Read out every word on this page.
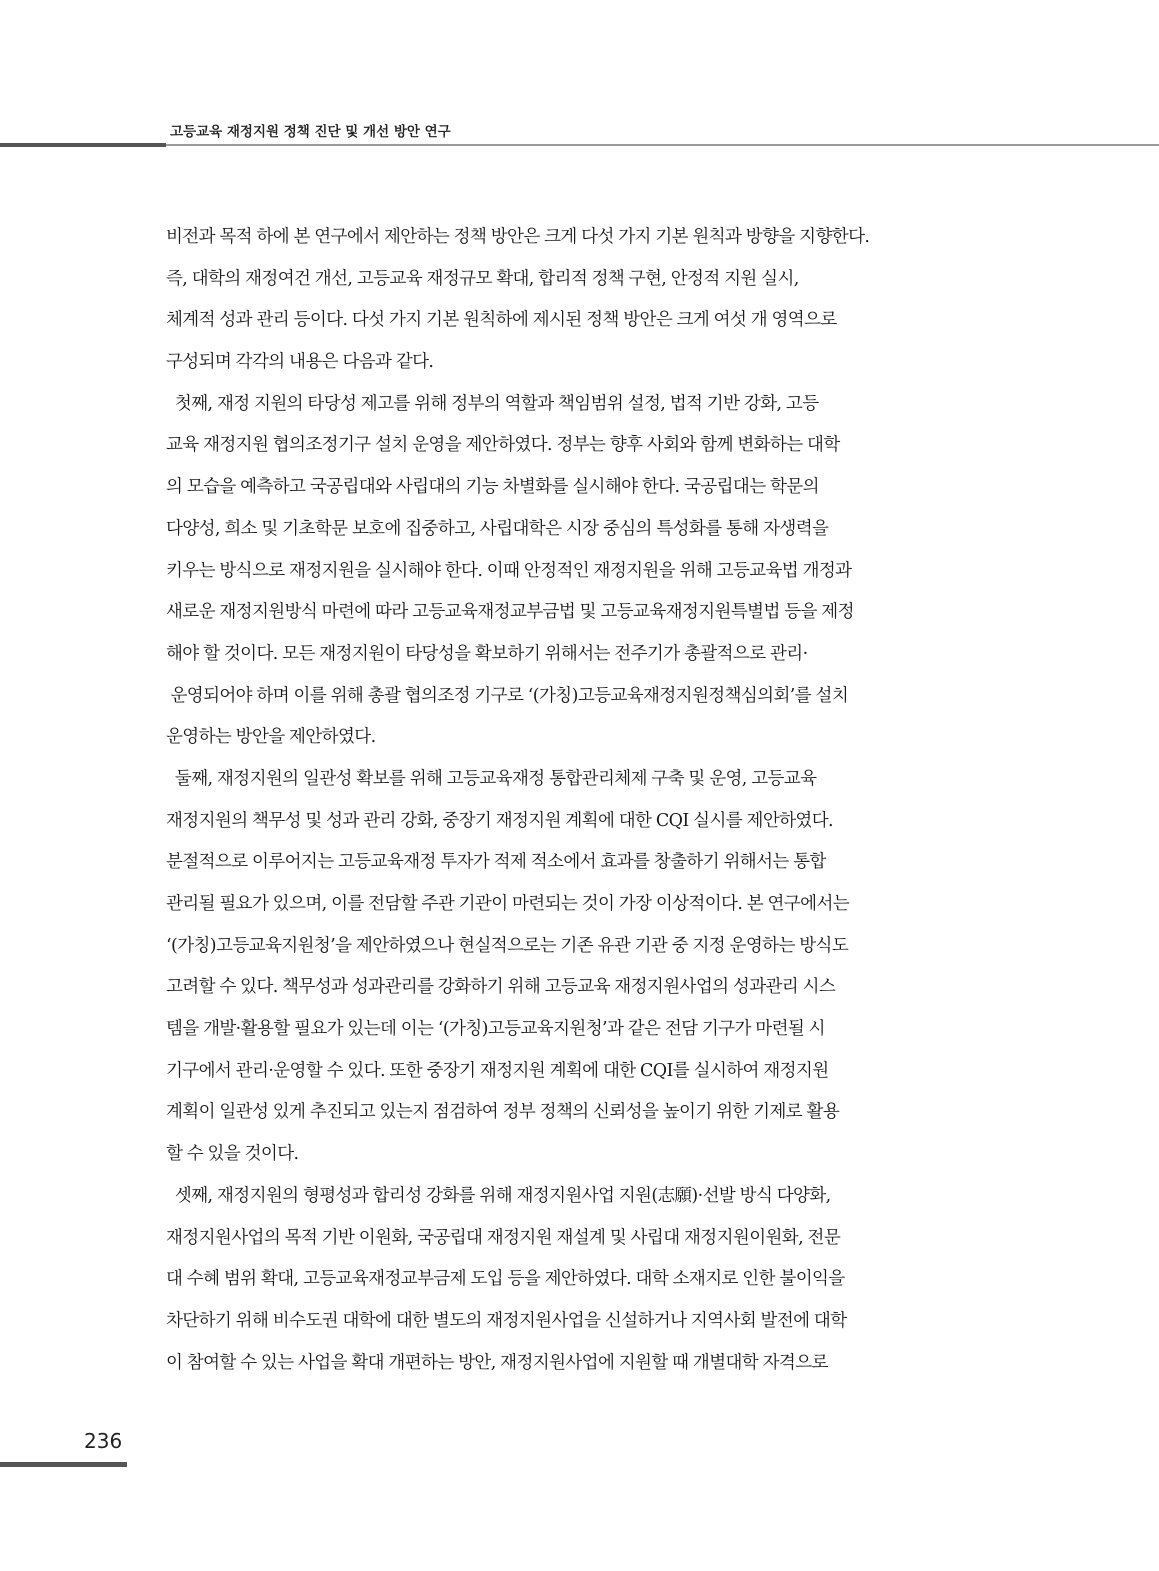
고등교육 재정지원 정책 진단 및 개선 방안 연구
비전과 목적 하에 본 연구에서 제안하는 정책 방안은 크게 다섯 가지 기본 원칙과 방향을 지향한다.
즉, 대학의 재정여건 개선, 고등교육 재정규모 확대, 합리적 정책 구현, 안정적 지원 실시,
체계적 성과 관리 등이다. 다섯 가지 기본 원칙하에 제시된 정책 방안은 크게 여섯 개 영역으로
구성되며 각각의 내용은 다음과 같다.
첫째, 재정 지원의 타당성 제고를 위해 정부의 역할과 책임범위 설정, 법적 기반 강화, 고등
교육 재정지원 협의조정기구 설치 운영을 제안하였다. 정부는 향후 사회와 함께 변화하는 대학
의 모습을 예측하고 국공립대와 사립대의 기능 차별화를 실시해야 한다. 국공립대는 학문의
다양성, 희소 및 기초학문 보호에 집중하고, 사립대학은 시장 중심의 특성화를 통해 자생력을
키우는 방식으로 재정지원을 실시해야 한다. 이때 안정적인 재정지원을 위해 고등교육법 개정과
새로운 재정지원방식 마련에 따라 고등교육재정교부금법 및 고등교육재정지원특별법 등을 제정
해야 할 것이다. 모든 재정지원이 타당성을 확보하기 위해서는 전주기가 총괄적으로 관리·
운영되어야 하며 이를 위해 총괄 협의조정 기구로 ‘(가칭)고등교육재정지원정책심의회’를 설치
운영하는 방안을 제안하였다.
둘째, 재정지원의 일관성 확보를 위해 고등교육재정 통합관리체제 구축 및 운영, 고등교육
재정지원의 책무성 및 성과 관리 강화, 중장기 재정지원 계획에 대한 CQI 실시를 제안하였다.
분절적으로 이루어지는 고등교육재정 투자가 적제 적소에서 효과를 창출하기 위해서는 통합
관리될 필요가 있으며, 이를 전담할 주관 기관이 마련되는 것이 가장 이상적이다. 본 연구에서는
‘(가칭)고등교육지원청’을 제안하였으나 현실적으로는 기존 유관 기관 중 지정 운영하는 방식도
고려할 수 있다. 책무성과 성과관리를 강화하기 위해 고등교육 재정지원사업의 성과관리 시스
템을 개발·활용할 필요가 있는데 이는 ‘(가칭)고등교육지원청’과 같은 전담 기구가 마련될 시
기구에서 관리·운영할 수 있다. 또한 중장기 재정지원 계획에 대한 CQI를 실시하여 재정지원
계획이 일관성 있게 추진되고 있는지 점검하여 정부 정책의 신뢰성을 높이기 위한 기제로 활용
할 수 있을 것이다.
셋째, 재정지원의 형평성과 합리성 강화를 위해 재정지원사업 지원(志願)·선발 방식 다양화,
재정지원사업의 목적 기반 이원화, 국공립대 재정지원 재설계 및 사립대 재정지원이원화, 전문
대 수혜 범위 확대, 고등교육재정교부금제 도입 등을 제안하였다. 대학 소재지로 인한 불이익을
차단하기 위해 비수도권 대학에 대한 별도의 재정지원사업을 신설하거나 지역사회 발전에 대학
이 참여할 수 있는 사업을 확대 개편하는 방안, 재정지원사업에 지원할 때 개별대학 자격으로
236
